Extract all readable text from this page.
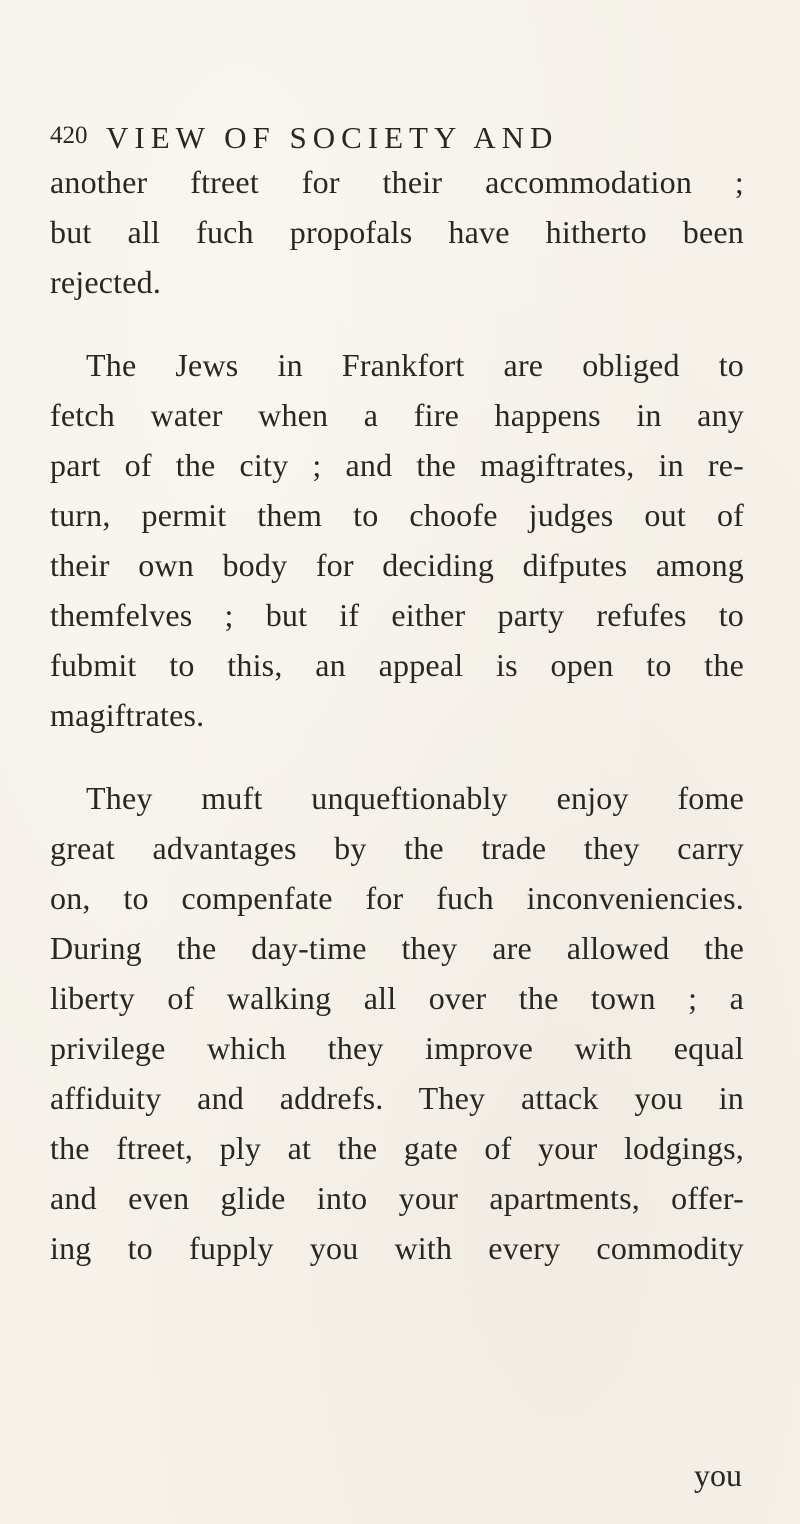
420 VIEW OF SOCIETY AND
another ftreet for their accommodation ;
but all fuch propofals have hitherto been
rejected.
The Jews in Frankfort are obliged to
fetch water when a fire happens in any
part of the city ; and the magiftrates, in re-
turn, permit them to choofe judges out of
their own body for deciding difputes among
themfelves ; but if either party refufes to
fubmit to this, an appeal is open to the
magiftrates.
They muft unqueftionably enjoy fome
great advantages by the trade they carry
on, to compenfate for fuch inconveniencies.
During the day-time they are allowed the
liberty of walking all over the town ; a
privilege which they improve with equal
affiduity and addrefs. They attack you in
the ftreet, ply at the gate of your lodgings,
and even glide into your apartments, offer-
ing to fupply you with every commodity
you
